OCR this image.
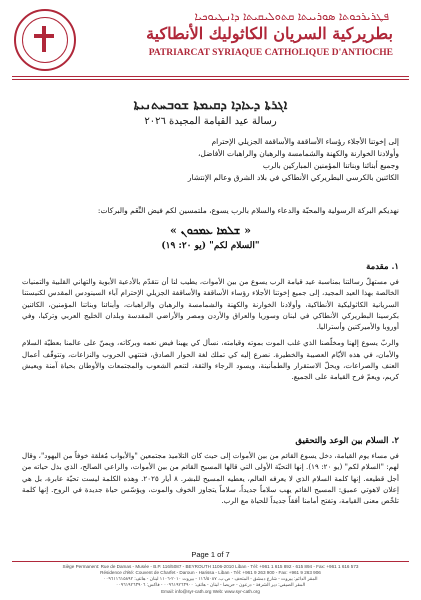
ܦܛܪܝܪܟܘܬܐ ܣܘܪܝܝܬܐ ܩܬܘܠܝܩܝܬܐ ܕܐܢܛܝܘܟܝܐ
بطريركية السريان الكاثوليك الأنطاكية
PATRIARCAT SYRIAQUE CATHOLIQUE D'ANTIOCHE
ܐܓܪܬܐ ܕܥܐܕܐ ܕܩܝܡܬܐ ܫܘܒܚܬܢܝܬܐ
رسالة عيد القيامة المجيدة ٢٠٢٦

إلى إخوتنا الأجلاء رؤساء الأساقفة والأساقفة الجزيلي الإحترام

وأولادنا الخوارنة والكهنة والشمامسة والرهبان والراهبات الأفاضل،

وجميع أبنائنا وبناتنا المؤمنين المباركين بالرب

الكائنين بالكرسي البطريركي الأنطاكي في بلاد الشرق وعالم الإنتشار

نهديكم البركة الرسولية والمحبّة والدعاء والسلام بالرب يسوع، ملتمسين لكم فيض النِّعَم والبركات:
« ܫܠܡܐ ܥܡܟܘܢ »
"السلام لكم" (يو ٢٠: ١٩)
١. مقدمة

في مستهلّ رسالتنا بمناسبة عيد قيامة الرب يسوع من بين الأموات، يطيب لنا أن نتقدّم بالأدعية الأبوية والتهاني القلبية والتمنيات الخالصة بهذا العيد المجيد، إلى جميع إخوتنا الأجلاء رؤساء الأساقفة والأساقفة الجزيلي الإحترام آباء السينودس المقدس لكنيستنا السريانية الكاثوليكية الأنطاكية، وأولادنا الخوارنة والكهنة والشمامسة والرهبان والراهبات، وأبنائنا وبناتنا المؤمنين، الكائنين بكرسينا البطريركي الأنطاكي في لبنان وسوريا والعراق والأردن ومصر والأراضي المقدسة وبلدان الخليج العربي وتركيا، وفي أوروبا والأميركتين وأستراليا.

والربّ يسوع إلهنا ومخلّصنا الذي غلب الموت بموته وقيامته، نسأل كي يهبنا فيض نعمه وبركاته، ويمنّ على عالمنا بعطيّة السلام والأمان، في هذه الأيّام العصيبة والخطيرة. نضرع إليه كي تملك لغة الحوار الصادق، فتنتهي الحروب والنزاعات، وتتوقّف أعمال العنف والصراعات، ويحلّ الاستقرار والطمأنينة، ويسود الرجاء والثقة، لتنعم الشعوب والمجتمعات والأوطان بحياة آمنة ويعيش كريم، ويعمّ فرح القيامة على الجميع.

٢. السلام بين الوعد والتحقيق

في مساء يوم القيامة، دخل يسوع القائم من بين الأموات إلى حيث كان التلاميذ مجتمعين "والأبواب مُغلقة خوفاً من اليهود"، وقال لهم: "السلام لكم" (يو ٢٠: ١٩). إنها التحيّة الأولى التي قالها المسيح القائم من بين الأموات، والراعي الصالح، الذي بذل حياته من أجل قطيعه. إنها كلمة السلام الذي لا يعرفه العالم، يعطيه المسيح للبشر. ٨ أيار ٢٠٢٥. وهذه الكلمة ليست تحيّة عابرة، بل هي إعلان لاهوتي عميق: المسيح القائم يهب سلاماً جديداً، سلاماً يتجاوز الخوف والموت، ويؤسّس حياة جديدة في الروح. إنها كلمة تلخّص معنى القيامة، وتفتح أمامنا أفقاً جديداً للحياة مع الرب.

Page 1 of 7
Siège Permanent: Rue de Damas - Musée - B.P. 116/5087 - BEYROUTH 1106-2010 Liban - Tél: +961 1 615 892 - 615 894 - Fax: +961 1 616 573
Résidence d'été: Couvent de Charfet - Daroun - Harissa - Liban - Tél: +961 9 263 900 - Fax: +961 9 263 906
المقر الدائم: بيروت - شارع دمشق - المتحف - ص.ب. ١١٦/٥٠٨٧ - بيروت ٢٠١٠-١١٠٦ لبنان - هاتف: ٠٠٩٦١١٦١٥٨٩٢
المقر الصيفي: دير الشرفة - درعون - حريصا - لبنان - هاتف: ٠٠٩٦١٩٢٦٣٩٠٠ - فاكس: ٠٠٩٦١٩٢٦٣٩٠٦
Email: info@syr-cath.org Web: www.syr-cath.org
